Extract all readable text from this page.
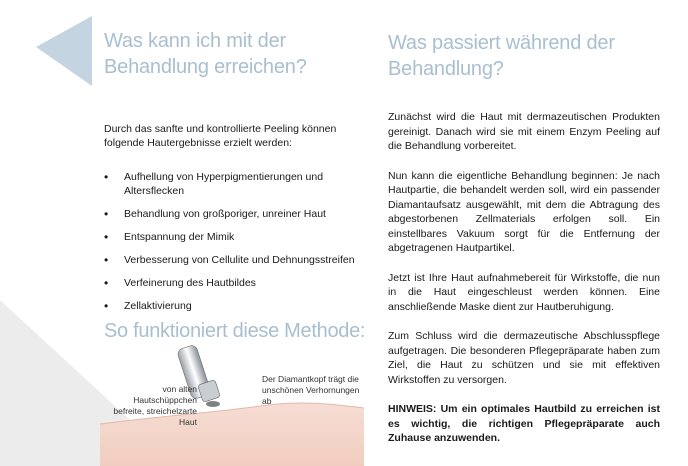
Was kann ich mit der Behandlung erreichen?
Durch das sanfte und kontrollierte Peeling können folgende Hautergebnisse erzielt werden:
• Aufhellung von Hyperpigmentierungen und Altersflecken
• Behandlung von großporiger, unreiner Haut
• Entspannung der Mimik
• Verbesserung von Cellulite und Dehnungsstreifen
• Verfeinerung des Hautbildes
• Zellaktivierung
So funktioniert diese Methode:
von alten Hautschüppchen befreite, streichelzarte Haut
Der Diamantkopf trägt die unschönen Verhornungen ab
Was passiert während der Behandlung?

Zunächst wird die Haut mit dermazeutischen Produkten gereinigt. Danach wird sie mit einem Enzym Peeling auf die Behandlung vorbereitet.

Nun kann die eigentliche Behandlung beginnen: Je nach Hautpartie, die behandelt werden soll, wird ein passender Diamantaufsatz ausgewählt, mit dem die Abtragung des abgestorbenen Zellmaterials erfolgen soll. Ein einstellbares Vakuum sorgt für die Entfernung der abgetragenen Hautpartikel.

Jetzt ist Ihre Haut aufnahmebereit für Wirkstoffe, die nun in die Haut eingeschleust werden können. Eine anschließende Maske dient zur Hautberuhigung.

Zum Schluss wird die dermazeutische Abschlusspflege aufgetragen. Die besonderen Pflegepräparate haben zum Ziel, die Haut zu schützen und sie mit effektiven Wirkstoffen zu versorgen.

HINWEIS: Um ein optimales Hautbild zu erreichen ist es wichtig, die richtigen Pflegepräparate auch Zuhause anzuwenden.
